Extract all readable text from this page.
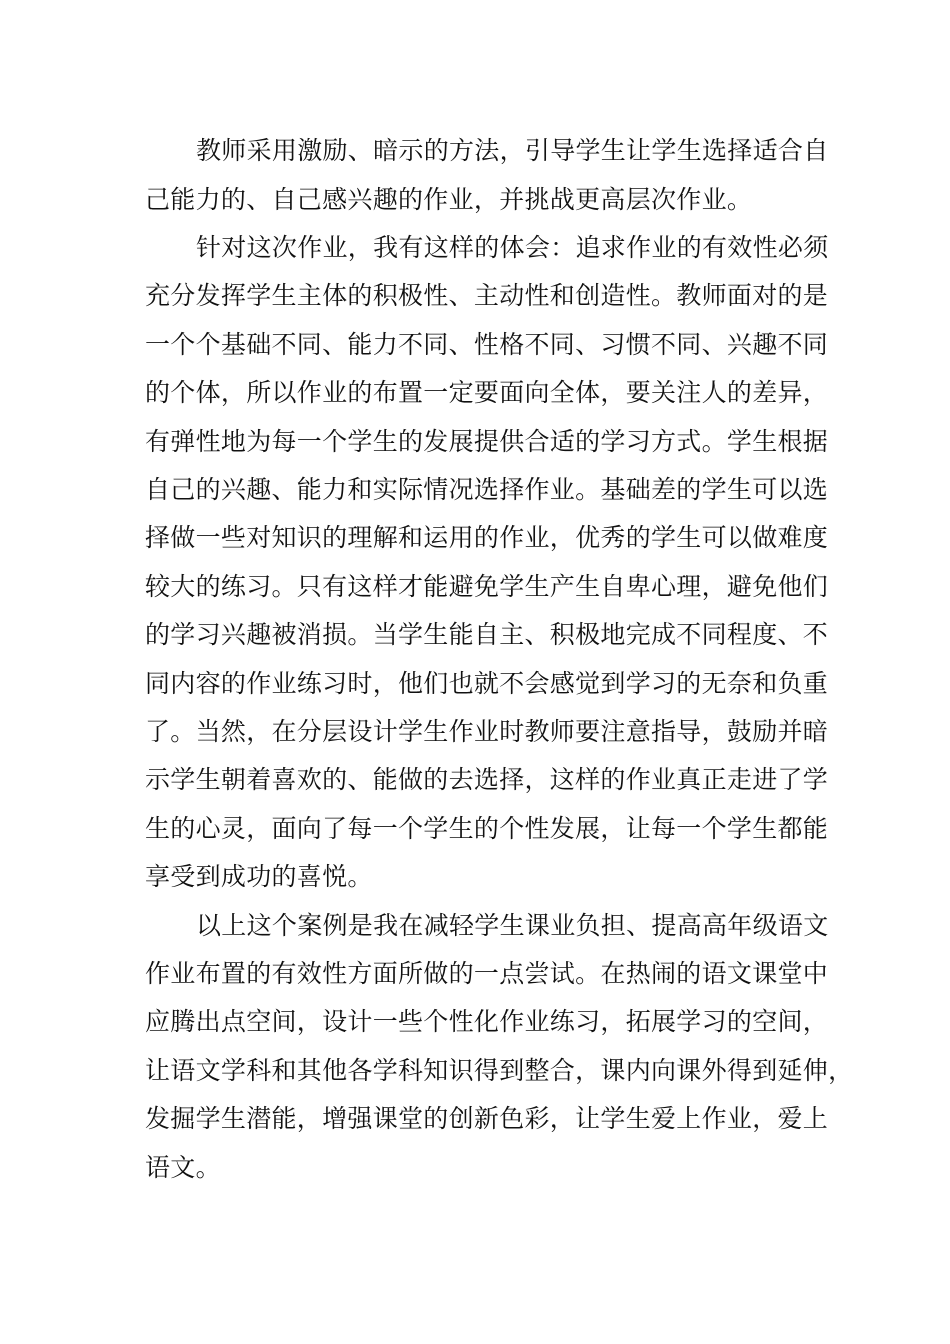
教师采用激励、暗示的方法，引导学生让学生选择适合自

己能力的、自己感兴趣的作业，并挑战更高层次作业。

针对这次作业，我有这样的体会：追求作业的有效性必须

充分发挥学生主体的积极性、主动性和创造性。教师面对的是

一个个基础不同、能力不同、性格不同、习惯不同、兴趣不同

的个体，所以作业的布置一定要面向全体，要关注人的差异，

有弹性地为每一个学生的发展提供合适的学习方式。学生根据

自己的兴趣、能力和实际情况选择作业。基础差的学生可以选

择做一些对知识的理解和运用的作业，优秀的学生可以做难度

较大的练习。只有这样才能避免学生产生自卑心理，避免他们

的学习兴趣被消损。当学生能自主、积极地完成不同程度、不

同内容的作业练习时，他们也就不会感觉到学习的无奈和负重

了。当然，在分层设计学生作业时教师要注意指导，鼓励并暗

示学生朝着喜欢的、能做的去选择，这样的作业真正走进了学

生的心灵，面向了每一个学生的个性发展，让每一个学生都能

享受到成功的喜悦。

以上这个案例是我在减轻学生课业负担、提高高年级语文

作业布置的有效性方面所做的一点尝试。在热闹的语文课堂中

应腾出点空间，设计一些个性化作业练习，拓展学习的空间，

让语文学科和其他各学科知识得到整合，课内向课外得到延伸，

发掘学生潜能，增强课堂的创新色彩，让学生爱上作业，爱上

语文。
